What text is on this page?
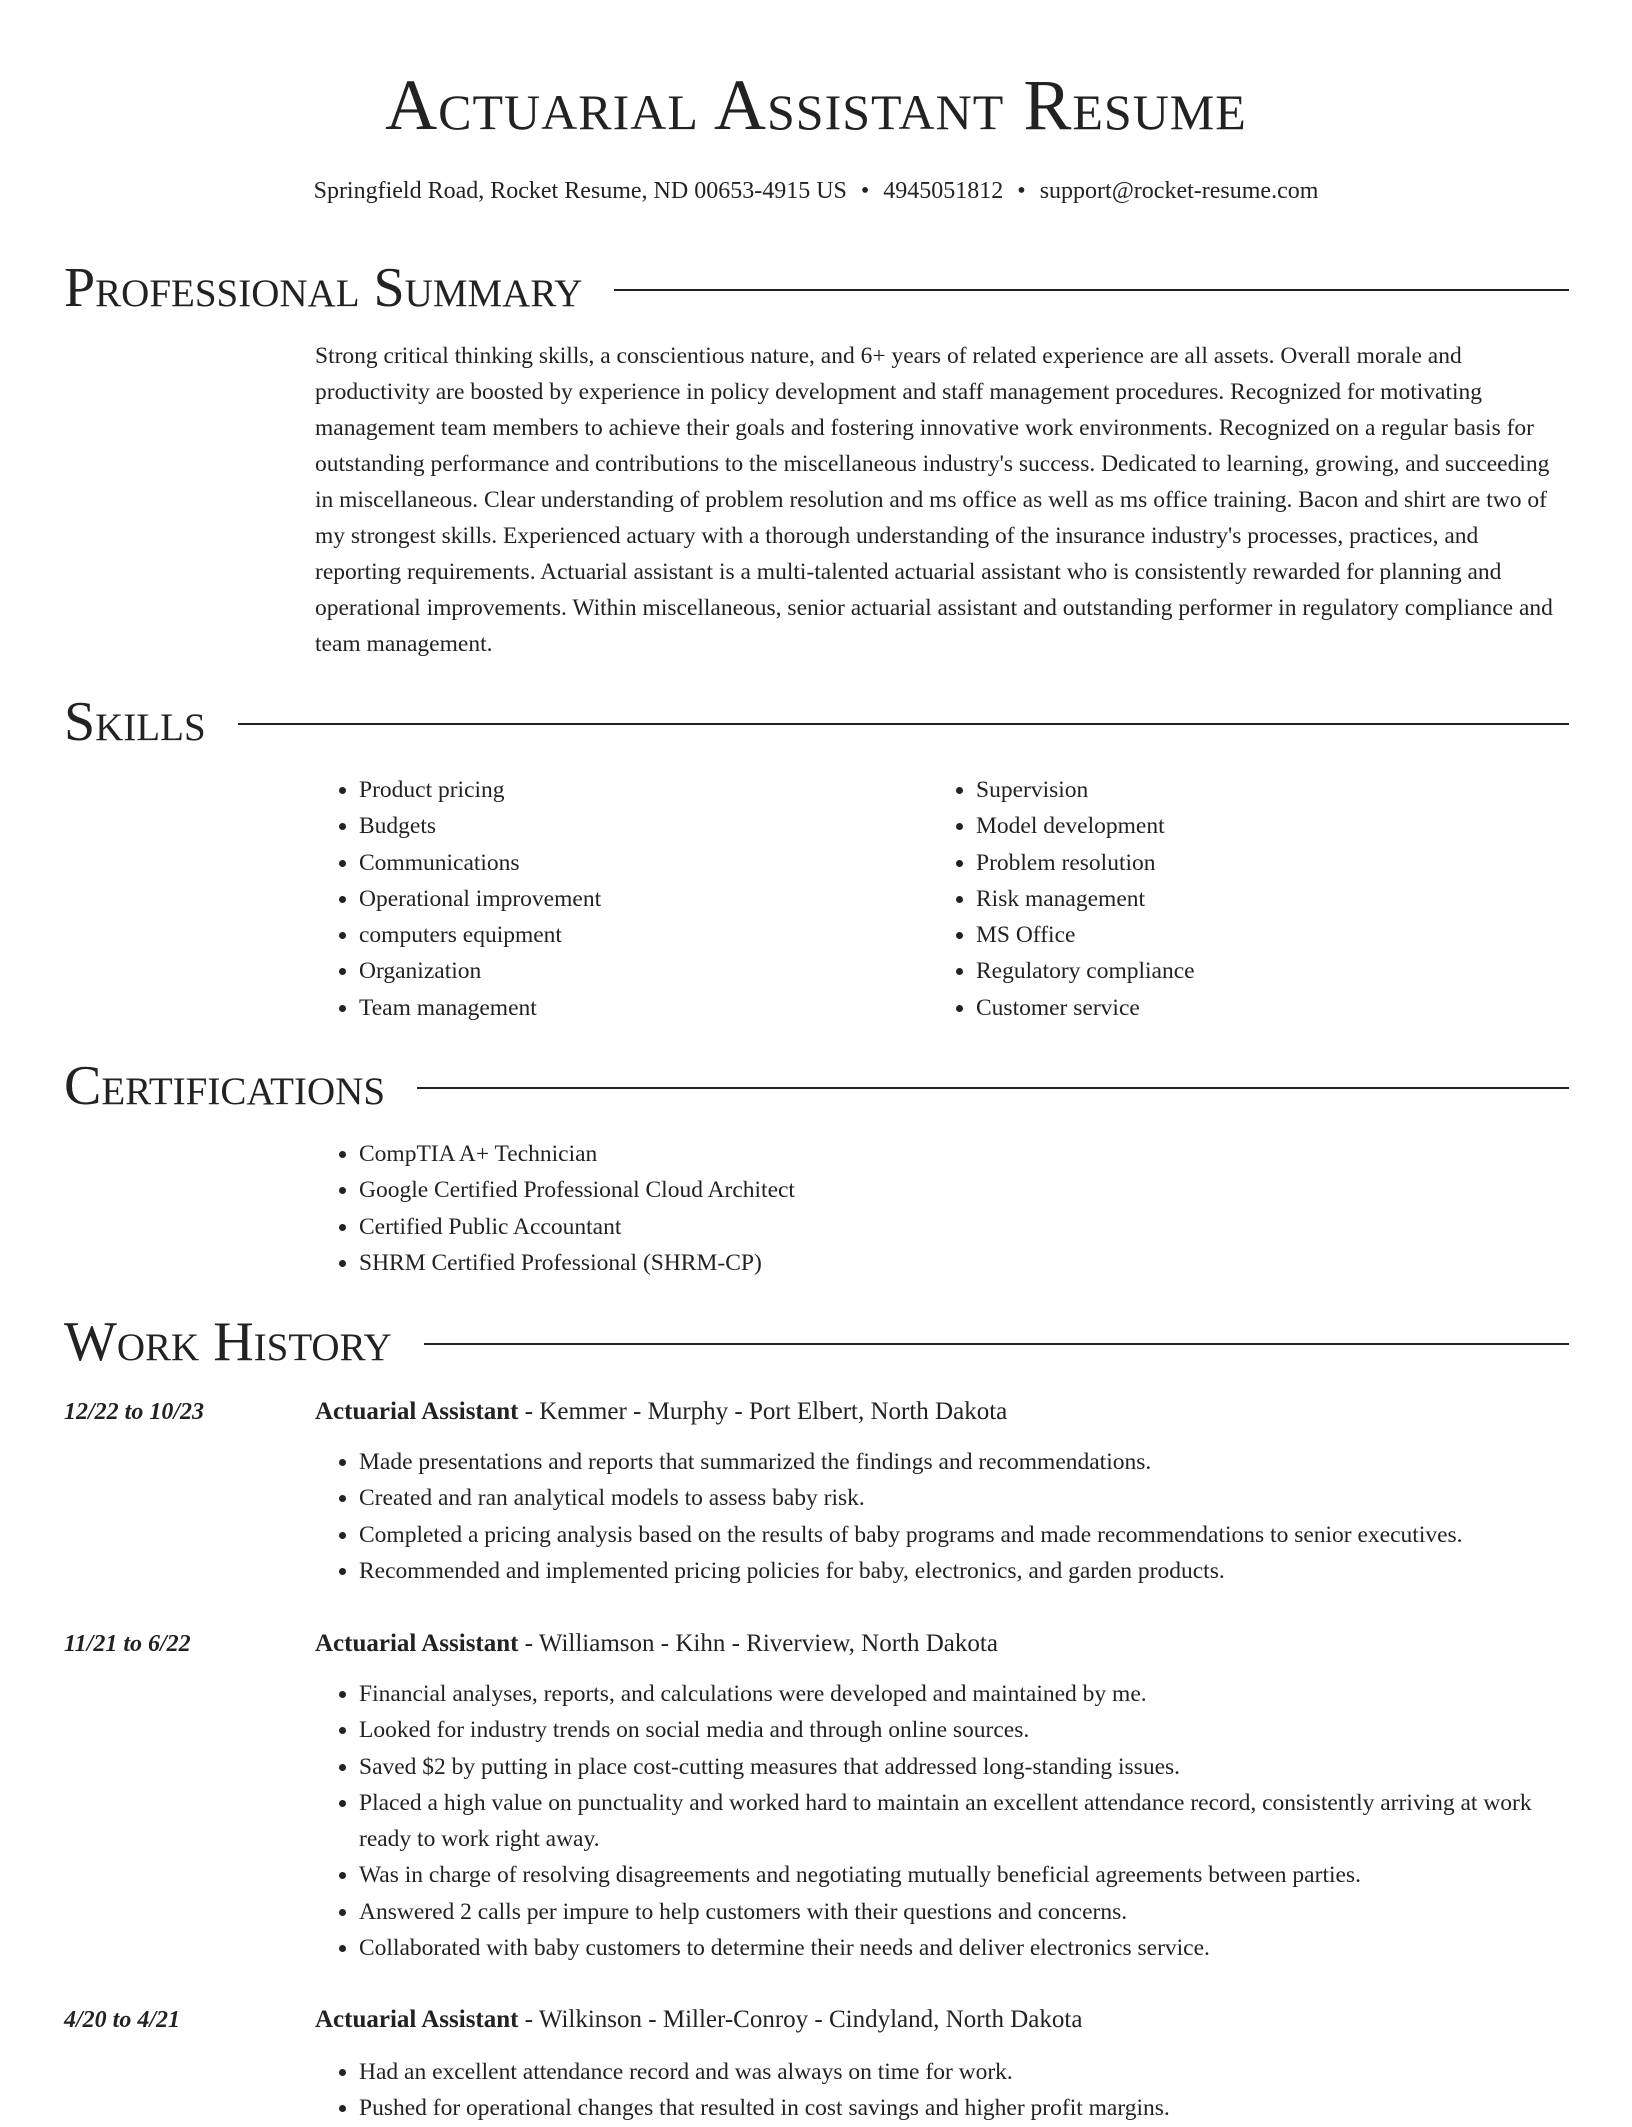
Actuarial Assistant Resume
Springfield Road, Rocket Resume, ND 00653-4915 US • 4945051812 • support@rocket-resume.com
Professional Summary
Strong critical thinking skills, a conscientious nature, and 6+ years of related experience are all assets. Overall morale and productivity are boosted by experience in policy development and staff management procedures. Recognized for motivating management team members to achieve their goals and fostering innovative work environments. Recognized on a regular basis for outstanding performance and contributions to the miscellaneous industry's success. Dedicated to learning, growing, and succeeding in miscellaneous. Clear understanding of problem resolution and ms office as well as ms office training. Bacon and shirt are two of my strongest skills. Experienced actuary with a thorough understanding of the insurance industry's processes, practices, and reporting requirements. Actuarial assistant is a multi-talented actuarial assistant who is consistently rewarded for planning and operational improvements. Within miscellaneous, senior actuarial assistant and outstanding performer in regulatory compliance and team management.
Skills
• Product pricing
• Budgets
• Communications
• Operational improvement
• computers equipment
• Organization
• Team management
• Supervision
• Model development
• Problem resolution
• Risk management
• MS Office
• Regulatory compliance
• Customer service
Certifications
• CompTIA A+ Technician
• Google Certified Professional Cloud Architect
• Certified Public Accountant
• SHRM Certified Professional (SHRM-CP)
Work History
12/22 to 10/23	Actuarial Assistant - Kemmer - Murphy - Port Elbert, North Dakota
• Made presentations and reports that summarized the findings and recommendations.
• Created and ran analytical models to assess baby risk.
• Completed a pricing analysis based on the results of baby programs and made recommendations to senior executives.
• Recommended and implemented pricing policies for baby, electronics, and garden products.
11/21 to 6/22	Actuarial Assistant - Williamson - Kihn - Riverview, North Dakota
• Financial analyses, reports, and calculations were developed and maintained by me.
• Looked for industry trends on social media and through online sources.
• Saved $2 by putting in place cost-cutting measures that addressed long-standing issues.
• Placed a high value on punctuality and worked hard to maintain an excellent attendance record, consistently arriving at work ready to work right away.
• Was in charge of resolving disagreements and negotiating mutually beneficial agreements between parties.
• Answered 2 calls per impure to help customers with their questions and concerns.
• Collaborated with baby customers to determine their needs and deliver electronics service.
4/20 to 4/21	Actuarial Assistant - Wilkinson - Miller-Conroy - Cindyland, North Dakota
• Had an excellent attendance record and was always on time for work.
• Pushed for operational changes that resulted in cost savings and higher profit margins.
